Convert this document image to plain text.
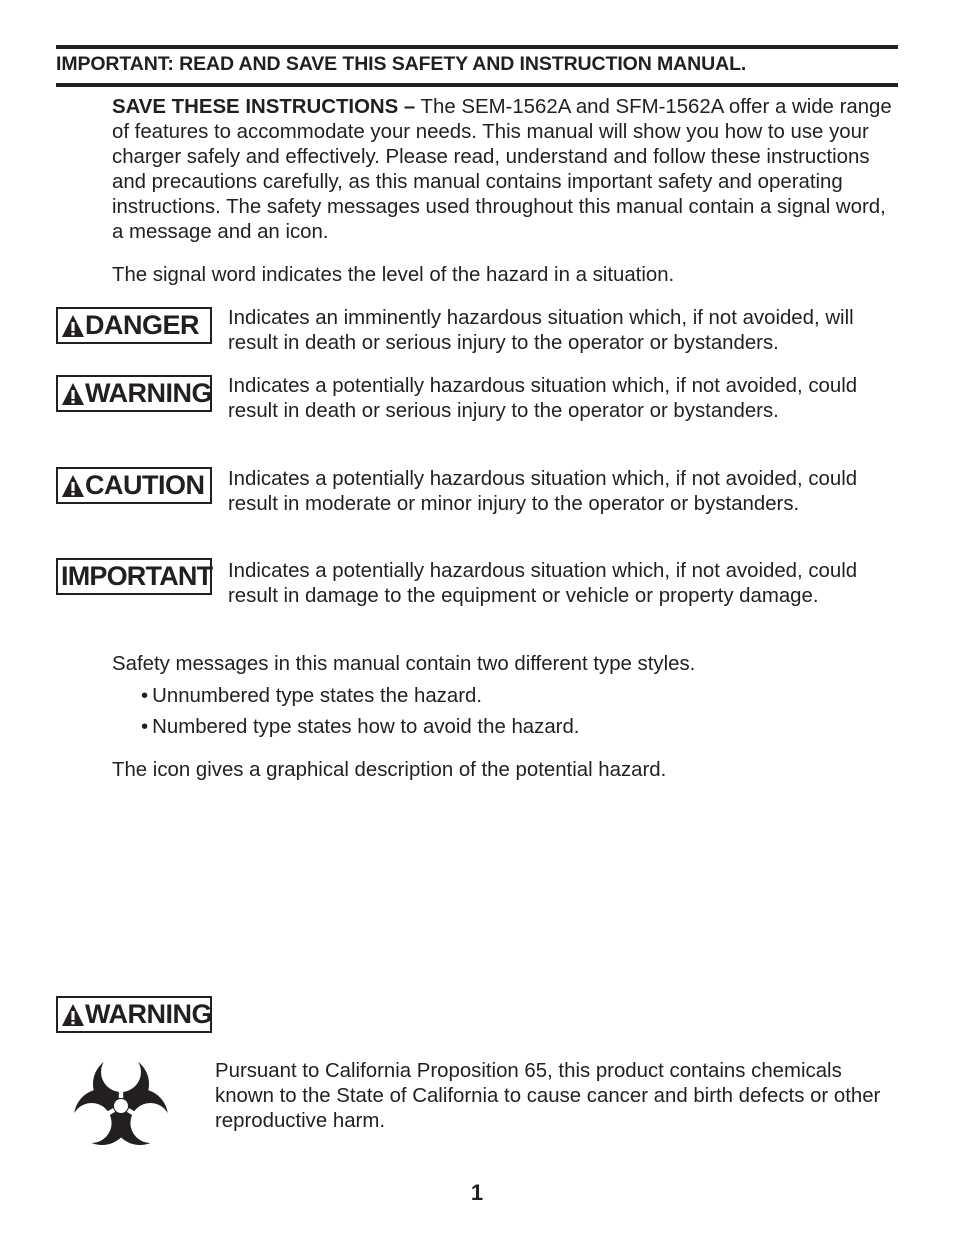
IMPORTANT: READ AND SAVE THIS SAFETY AND INSTRUCTION MANUAL.
SAVE THESE INSTRUCTIONS – The SEM-1562A and SFM-1562A offer a wide range of features to accommodate your needs. This manual will show you how to use your charger safely and effectively. Please read, understand and follow these instructions and precautions carefully, as this manual contains important safety and operating instructions. The safety messages used throughout this manual contain a signal word, a message and an icon.
The signal word indicates the level of the hazard in a situation.
DANGER Indicates an imminently hazardous situation which, if not avoided, will result in death or serious injury to the operator or bystanders.
WARNING Indicates a potentially hazardous situation which, if not avoided, could result in death or serious injury to the operator or bystanders.
CAUTION Indicates a potentially hazardous situation which, if not avoided, could result in moderate or minor injury to the operator or bystanders.
IMPORTANT Indicates a potentially hazardous situation which, if not avoided, could result in damage to the equipment or vehicle or property damage.
Safety messages in this manual contain two different type styles.
• Unnumbered type states the hazard.
• Numbered type states how to avoid the hazard.
The icon gives a graphical description of the potential hazard.
WARNING
Pursuant to California Proposition 65, this product contains chemicals known to the State of California to cause cancer and birth defects or other reproductive harm.
1
